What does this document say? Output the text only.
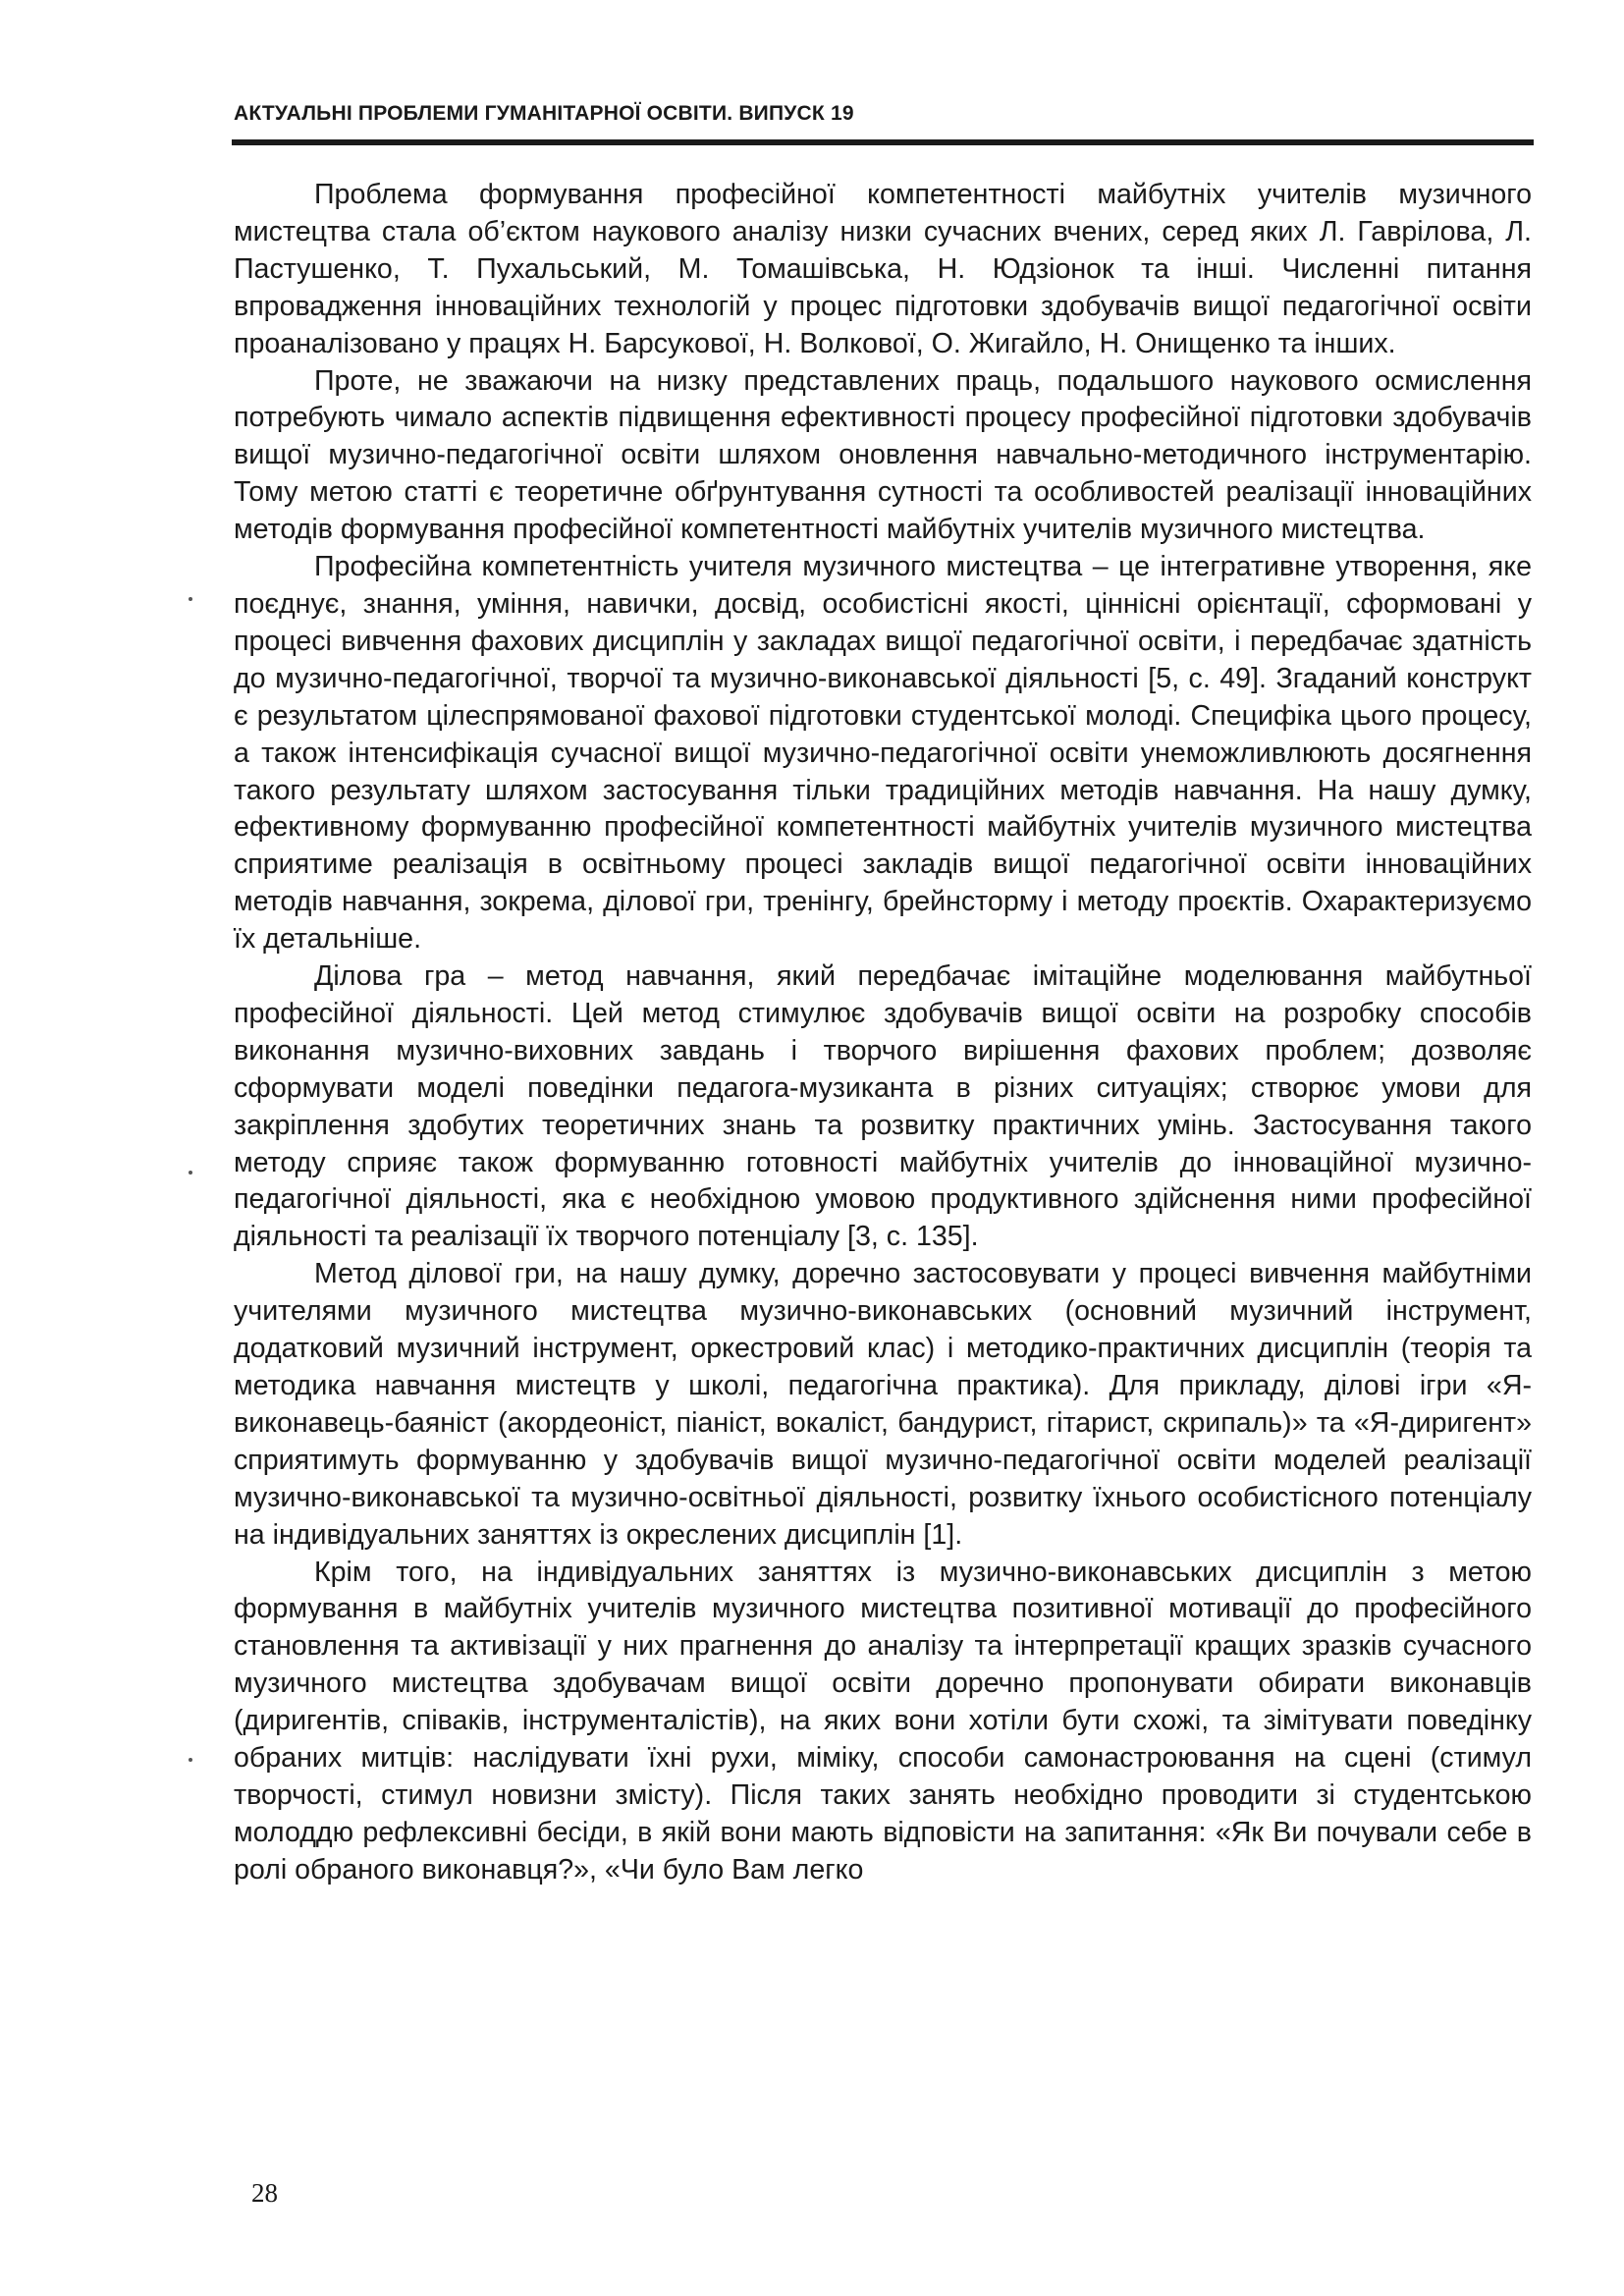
АКТУАЛЬНІ ПРОБЛЕМИ ГУМАНІТАРНОЇ ОСВІТИ. ВИПУСК 19

Проблема формування професійної компетентності майбутніх учителів музичного мистецтва стала об’єктом наукового аналізу низки сучасних вчених, серед яких Л. Гаврілова, Л. Пастушенко, Т. Пухальський, М. Томашівська, Н. Юдзіонок та інші. Численні питання впровадження інноваційних технологій у процес підготовки здобувачів вищої педагогічної освіти проаналізовано у працях Н. Барсукової, Н. Волкової, О. Жигайло, Н. Онищенко та інших.

Проте, не зважаючи на низку представлених праць, подальшого наукового осмислення потребують чимало аспектів підвищення ефективності процесу професійної підготовки здобувачів вищої музично-педагогічної освіти шляхом оновлення навчально-методичного інструментарію. Тому метою статті є теоретичне обґрунтування сутності та особливостей реалізації інноваційних методів формування професійної компетентності майбутніх учителів музичного мистецтва.

Професійна компетентність учителя музичного мистецтва – це інтегративне утворення, яке поєднує, знання, уміння, навички, досвід, особистісні якості, ціннісні орієнтації, сформовані у процесі вивчення фахових дисциплін у закладах вищої педагогічної освіти, і передбачає здатність до музично-педагогічної, творчої та музично-виконавської діяльності [5, с. 49]. Згаданий конструкт є результатом цілеспрямованої фахової підготовки студентської молоді. Специфіка цього процесу, а також інтенсифікація сучасної вищої музично-педагогічної освіти унеможливлюють досягнення такого результату шляхом застосування тільки традиційних методів навчання. На нашу думку, ефективному формуванню професійної компетентності майбутніх учителів музичного мистецтва сприятиме реалізація в освітньому процесі закладів вищої педагогічної освіти інноваційних методів навчання, зокрема, ділової гри, тренінгу, брейнсторму і методу проєктів. Охарактеризуємо їх детальніше.

Ділова гра – метод навчання, який передбачає імітаційне моделювання майбутньої професійної діяльності. Цей метод стимулює здобувачів вищої освіти на розробку способів виконання музично-виховних завдань і творчого вирішення фахових проблем; дозволяє сформувати моделі поведінки педагога-музиканта в різних ситуаціях; створює умови для закріплення здобутих теоретичних знань та розвитку практичних умінь. Застосування такого методу сприяє також формуванню готовності майбутніх учителів до інноваційної музично-педагогічної діяльності, яка є необхідною умовою продуктивного здійснення ними професійної діяльності та реалізації їх творчого потенціалу [3, с. 135].

Метод ділової гри, на нашу думку, доречно застосовувати у процесі вивчення майбутніми учителями музичного мистецтва музично-виконавських (основний музичний інструмент, додатковий музичний інструмент, оркестровий клас) і методико-практичних дисциплін (теорія та методика навчання мистецтв у школі, педагогічна практика). Для прикладу, ділові ігри «Я-виконавець-баяніст (акордеоніст, піаніст, вокаліст, бандурист, гітарист, скрипаль)» та «Я-диригент» сприятимуть формуванню у здобувачів вищої музично-педагогічної освіти моделей реалізації музично-виконавської та музично-освітньої діяльності, розвитку їхнього особистісного потенціалу на індивідуальних заняттях із окреслених дисциплін [1].

Крім того, на індивідуальних заняттях із музично-виконавських дисциплін з метою формування в майбутніх учителів музичного мистецтва позитивної мотивації до професійного становлення та активізації у них прагнення до аналізу та інтерпретації кращих зразків сучасного музичного мистецтва здобувачам вищої освіти доречно пропонувати обирати виконавців (диригентів, співаків, інструменталістів), на яких вони хотіли бути схожі, та зімітувати поведінку обраних митців: наслідувати їхні рухи, міміку, способи самонастроювання на сцені (стимул творчості, стимул новизни змісту). Після таких занять необхідно проводити зі студентською молоддю рефлексивні бесіди, в якій вони мають відповісти на запитання: «Як Ви почували себе в ролі обраного виконавця?», «Чи було Вам легко

28
